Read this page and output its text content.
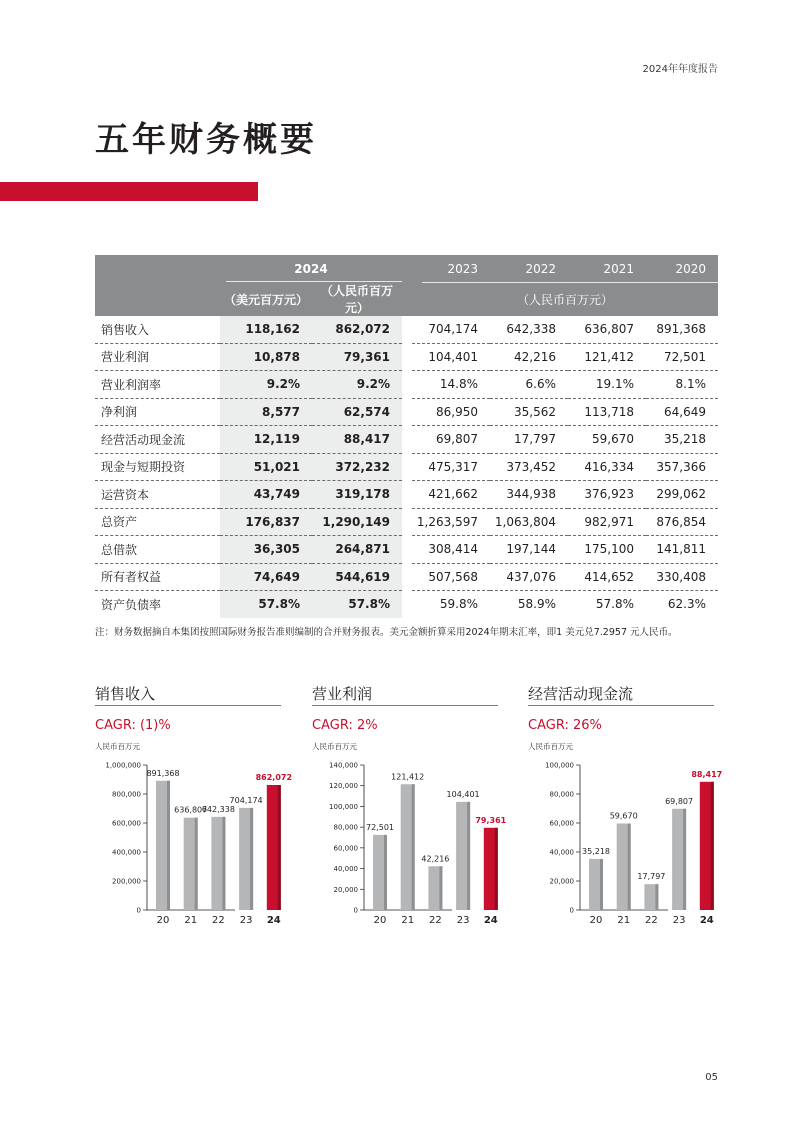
2024年年度报告
五年财务概要
	2024			2023	2022	2021	2020
	（美元百万元）	（人民币百万元）		（人民币百万元）			
销售收入	118,162	862,072		704,174	642,338	636,807	891,368
营业利润	10,878	79,361		104,401	42,216	121,412	72,501
营业利润率	9.2%	9.2%		14.8%	6.6%	19.1%	8.1%
净利润	8,577	62,574		86,950	35,562	113,718	64,649
经营活动现金流	12,119	88,417		69,807	17,797	59,670	35,218
现金与短期投资	51,021	372,232		475,317	373,452	416,334	357,366
运营资本	43,749	319,178		421,662	344,938	376,923	299,062
总资产	176,837	1,290,149		1,263,597	1,063,804	982,971	876,854
总借款	36,305	264,871		308,414	197,144	175,100	141,811
所有者权益	74,649	544,619		507,568	437,076	414,652	330,408
资产负债率	57.8%	57.8%		59.8%	58.9%	57.8%	62.3%
注：财务数据摘自本集团按照国际财务报告准则编制的合并财务报表。美元金额折算采用2024年期末汇率，即1 美元兑7.2957 元人民币。
销售收入
CAGR: (1)%
人民币百万元
0
200,000
400,000
600,000
800,000
1,000,000
891,368
20
636,807
21
642,338
22
704,174
23
862,072
24
营业利润
CAGR: 2%
人民币百万元
0
20,000
40,000
60,000
80,000
100,000
120,000
140,000
72,501
20
121,412
21
42,216
22
104,401
23
79,361
24
经营活动现金流
CAGR: 26%
人民币百万元
0
20,000
40,000
60,000
80,000
100,000
35,218
20
59,670
21
17,797
22
69,807
23
88,417
24
05
